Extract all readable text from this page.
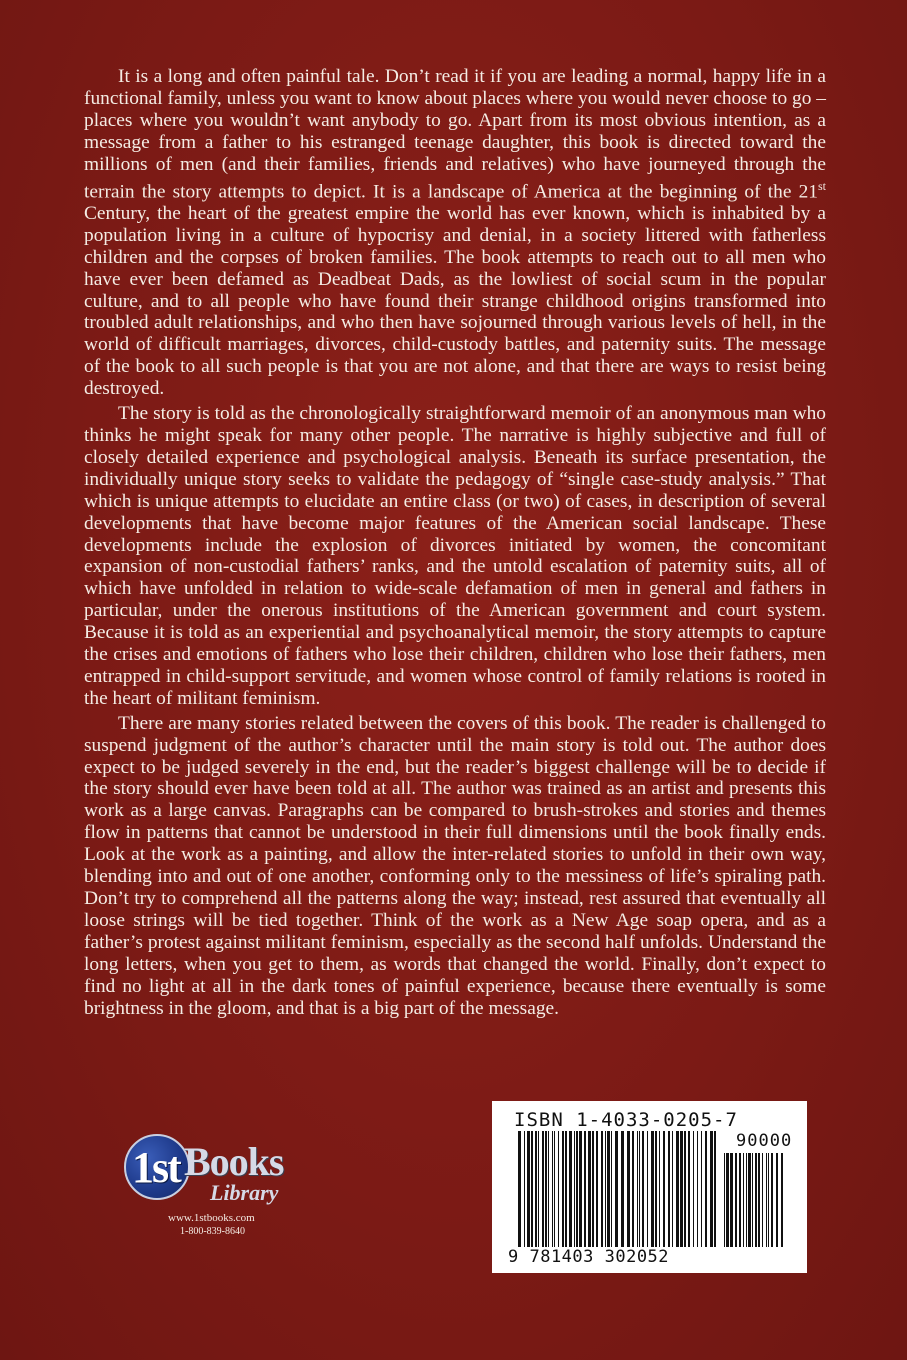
It is a long and often painful tale. Don’t read it if you are leading a normal, happy life in a functional family, unless you want to know about places where you would never choose to go – places where you wouldn’t want anybody to go. Apart from its most obvious intention, as a message from a father to his estranged teenage daughter, this book is directed toward the millions of men (and their families, friends and relatives) who have journeyed through the terrain the story attempts to depict. It is a landscape of America at the beginning of the 21st Century, the heart of the greatest empire the world has ever known, which is inhabited by a population living in a culture of hypocrisy and denial, in a society littered with fatherless children and the corpses of broken families. The book attempts to reach out to all men who have ever been defamed as Deadbeat Dads, as the lowliest of social scum in the popular culture, and to all people who have found their strange childhood origins transformed into troubled adult relationships, and who then have sojourned through various levels of hell, in the world of difficult marriages, divorces, child-custody battles, and paternity suits. The message of the book to all such people is that you are not alone, and that there are ways to resist being destroyed.

The story is told as the chronologically straightforward memoir of an anonymous man who thinks he might speak for many other people. The narrative is highly subjective and full of closely detailed experience and psychological analysis. Beneath its surface presentation, the individually unique story seeks to validate the pedagogy of “single case-study analysis.” That which is unique attempts to elucidate an entire class (or two) of cases, in description of several developments that have become major features of the American social landscape. These developments include the explosion of divorces initiated by women, the concomitant expansion of non-custodial fathers’ ranks, and the untold escalation of paternity suits, all of which have unfolded in relation to wide-scale defamation of men in general and fathers in particular, under the onerous institutions of the American government and court system. Because it is told as an experiential and psychoanalytical memoir, the story attempts to capture the crises and emotions of fathers who lose their children, children who lose their fathers, men entrapped in child-support servitude, and women whose control of family relations is rooted in the heart of militant feminism.

There are many stories related between the covers of this book. The reader is challenged to suspend judgment of the author’s character until the main story is told out. The author does expect to be judged severely in the end, but the reader’s biggest challenge will be to decide if the story should ever have been told at all. The author was trained as an artist and presents this work as a large canvas. Paragraphs can be compared to brush-strokes and stories and themes flow in patterns that cannot be understood in their full dimensions until the book finally ends. Look at the work as a painting, and allow the inter-related stories to unfold in their own way, blending into and out of one another, conforming only to the messiness of life’s spiraling path. Don’t try to comprehend all the patterns along the way; instead, rest assured that eventually all loose strings will be tied together. Think of the work as a New Age soap opera, and as a father’s protest against militant feminism, especially as the second half unfolds. Understand the long letters, when you get to them, as words that changed the world. Finally, don’t expect to find no light at all in the dark tones of painful experience, because there eventually is some brightness in the gloom, and that is a big part of the message.

1st Books
Library
www.1stbooks.com
1-800-839-8640
ISBN 1-4033-0205-7
90000
9 781403 302052
